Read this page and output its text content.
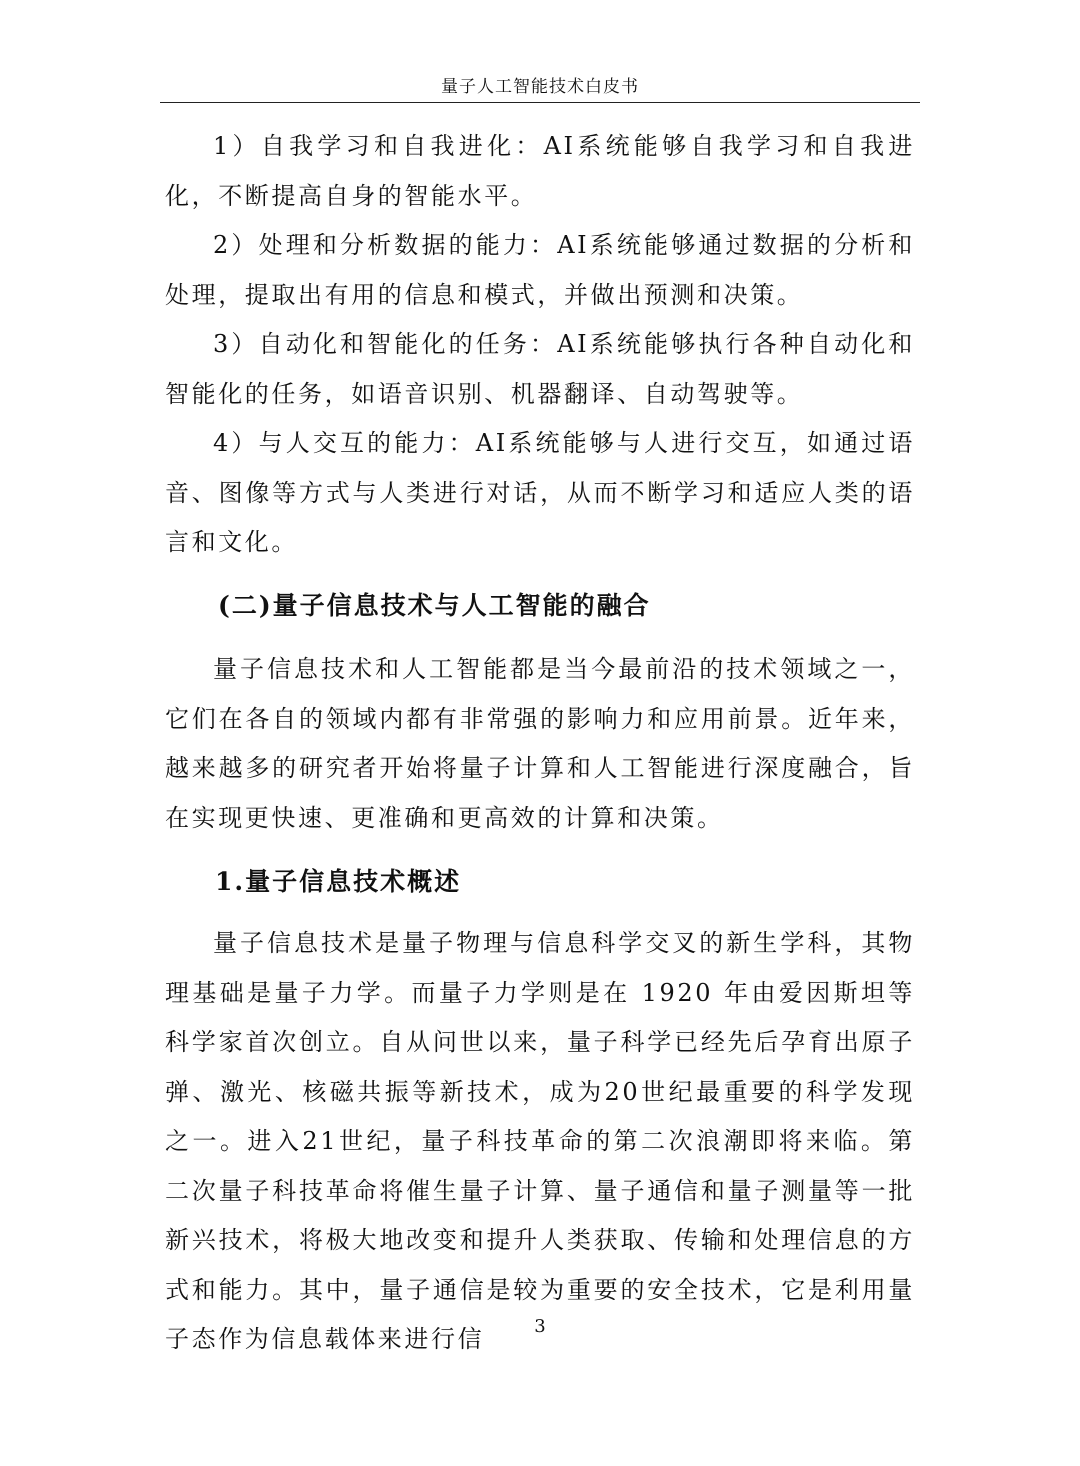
量子人工智能技术白皮书

1）自我学习和自我进化：AI系统能够自我学习和自我进化，不断提高自身的智能水平。

2）处理和分析数据的能力：AI系统能够通过数据的分析和处理，提取出有用的信息和模式，并做出预测和决策。

3）自动化和智能化的任务：AI系统能够执行各种自动化和智能化的任务，如语音识别、机器翻译、自动驾驶等。

4）与人交互的能力：AI系统能够与人进行交互，如通过语音、图像等方式与人类进行对话，从而不断学习和适应人类的语言和文化。

(二)量子信息技术与人工智能的融合

量子信息技术和人工智能都是当今最前沿的技术领域之一，它们在各自的领域内都有非常强的影响力和应用前景。近年来，越来越多的研究者开始将量子计算和人工智能进行深度融合，旨在实现更快速、更准确和更高效的计算和决策。

1.量子信息技术概述

量子信息技术是量子物理与信息科学交叉的新生学科，其物理基础是量子力学。而量子力学则是在 1920 年由爱因斯坦等科学家首次创立。自从问世以来，量子科学已经先后孕育出原子弹、激光、核磁共振等新技术，成为20世纪最重要的科学发现之一。进入21世纪，量子科技革命的第二次浪潮即将来临。第二次量子科技革命将催生量子计算、量子通信和量子测量等一批新兴技术，将极大地改变和提升人类获取、传输和处理信息的方式和能力。其中，量子通信是较为重要的安全技术，它是利用量子态作为信息载体来进行信	3
